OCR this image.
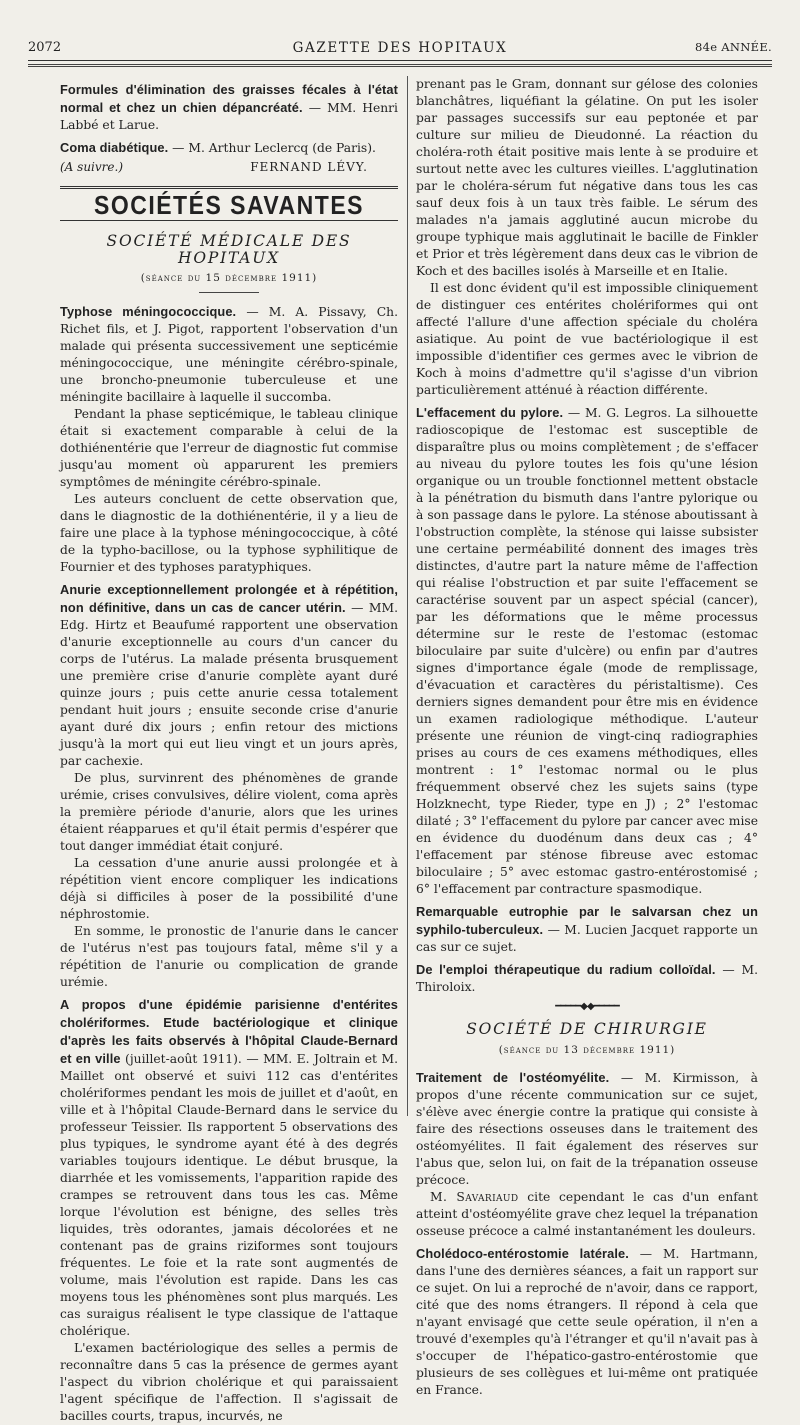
2072	GAZETTE DES HOPITAUX	84e ANNÉE.

Formules d'élimination des graisses fécales à l'état normal et chez un chien dépancréaté. — MM. Henri Labbé et Larue.

Coma diabétique. — M. Arthur Leclercq (de Paris).

(A suivre.)	FERNAND LÉVY.
SOCIÉTÉS SAVANTES
SOCIÉTÉ MÉDICALE DES HOPITAUX
(séance du 15 décembre 1911)

Typhose méningococcique. — M. A. Pissavy, Ch. Richet fils, et J. Pigot, rapportent l'observation d'un malade qui présenta successivement une septicémie méningococcique, une méningite cérébro-spinale, une broncho-pneumonie tuberculeuse et une méningite bacillaire à laquelle il succomba.

Pendant la phase septicémique, le tableau clinique était si exactement comparable à celui de la dothiénentérie que l'erreur de diagnostic fut commise jusqu'au moment où apparurent les premiers symptômes de méningite cérébro-spinale.

Les auteurs concluent de cette observation que, dans le diagnostic de la dothiénentérie, il y a lieu de faire une place à la typhose méningococcique, à côté de la typho-bacillose, ou la typhose syphilitique de Fournier et des typhoses paratyphiques.

Anurie exceptionnellement prolongée et à répétition, non définitive, dans un cas de cancer utérin. — MM. Edg. Hirtz et Beaufumé rapportent une observation d'anurie exceptionnelle au cours d'un cancer du corps de l'utérus. La malade présenta brusquement une première crise d'anurie complète ayant duré quinze jours ; puis cette anurie cessa totalement pendant huit jours ; ensuite seconde crise d'anurie ayant duré dix jours ; enfin retour des mictions jusqu'à la mort qui eut lieu vingt et un jours après, par cachexie.

De plus, survinrent des phénomènes de grande urémie, crises convulsives, délire violent, coma après la première période d'anurie, alors que les urines étaient réapparues et qu'il était permis d'espérer que tout danger immédiat était conjuré.

La cessation d'une anurie aussi prolongée et à répétition vient encore compliquer les indications déjà si difficiles à poser de la possibilité d'une néphrostomie.

En somme, le pronostic de l'anurie dans le cancer de l'utérus n'est pas toujours fatal, même s'il y a répétition de l'anurie ou complication de grande urémie.

A propos d'une épidémie parisienne d'entérites cholériformes. Etude bactériologique et clinique d'après les faits observés à l'hôpital Claude-Bernard et en ville (juillet-août 1911). — MM. E. Joltrain et M. Maillet ont observé et suivi 112 cas d'entérites cholériformes pendant les mois de juillet et d'août, en ville et à l'hôpital Claude-Bernard dans le service du professeur Teissier. Ils rapportent 5 observations des plus typiques, le syndrome ayant été à des degrés variables toujours identique. Le début brusque, la diarrhée et les vomissements, l'apparition rapide des crampes se retrouvent dans tous les cas. Même lorque l'évolution est bénigne, des selles très liquides, très odorantes, jamais décolorées et ne contenant pas de grains riziformes sont toujours fréquentes. Le foie et la rate sont augmentés de volume, mais l'évolution est rapide. Dans les cas moyens tous les phénomènes sont plus marqués. Les cas suraigus réalisent le type classique de l'attaque cholérique.

L'examen bactériologique des selles a permis de reconnaître dans 5 cas la présence de germes ayant l'aspect du vibrion cholérique et qui paraissaient l'agent spécifique de l'affection. Il s'agissait de bacilles courts, trapus, incurvés, ne

prenant pas le Gram, donnant sur gélose des colonies blanchâtres, liquéfiant la gélatine. On put les isoler par passages successifs sur eau peptonée et par culture sur milieu de Dieudonné. La réaction du choléra-roth était positive mais lente à se produire et surtout nette avec les cultures vieilles. L'agglutination par le choléra-sérum fut négative dans tous les cas sauf deux fois à un taux très faible. Le sérum des malades n'a jamais agglutiné aucun microbe du groupe typhique mais agglutinait le bacille de Finkler et Prior et très légèrement dans deux cas le vibrion de Koch et des bacilles isolés à Marseille et en Italie.

Il est donc évident qu'il est impossible cliniquement de distinguer ces entérites cholériformes qui ont affecté l'allure d'une affection spéciale du choléra asiatique. Au point de vue bactériologique il est impossible d'identifier ces germes avec le vibrion de Koch à moins d'admettre qu'il s'agisse d'un vibrion particulièrement atténué à réaction différente.

L'effacement du pylore. — M. G. Legros. La silhouette radioscopique de l'estomac est susceptible de disparaître plus ou moins complètement ; de s'effacer au niveau du pylore toutes les fois qu'une lésion organique ou un trouble fonctionnel mettent obstacle à la pénétration du bismuth dans l'antre pylorique ou à son passage dans le pylore. La sténose aboutissant à l'obstruction complète, la sténose qui laisse subsister une certaine perméabilité donnent des images très distinctes, d'autre part la nature même de l'affection qui réalise l'obstruction et par suite l'effacement se caractérise souvent par un aspect spécial (cancer), par les déformations que le même processus détermine sur le reste de l'estomac (estomac biloculaire par suite d'ulcère) ou enfin par d'autres signes d'importance égale (mode de remplissage, d'évacuation et caractères du péristaltisme). Ces derniers signes demandent pour être mis en évidence un examen radiologique méthodique. L'auteur présente une réunion de vingt-cinq radiographies prises au cours de ces examens méthodiques, elles montrent : 1° l'estomac normal ou le plus fréquemment observé chez les sujets sains (type Holzknecht, type Rieder, type en J) ; 2° l'estomac dilaté ; 3° l'effacement du pylore par cancer avec mise en évidence du duodénum dans deux cas ; 4° l'effacement par sténose fibreuse avec estomac biloculaire ; 5° avec estomac gastro-entérostomisé ; 6° l'effacement par contracture spasmodique.

Remarquable eutrophie par le salvarsan chez un syphilo-tuberculeux. — M. Lucien Jacquet rapporte un cas sur ce sujet.

De l'emploi thérapeutique du radium colloïdal. — M. Thiroloix.

━━━━━◆◆━━━━━
SOCIÉTÉ DE CHIRURGIE
(séance du 13 décembre 1911)

Traitement de l'ostéomyélite. — M. Kirmisson, à propos d'une récente communication sur ce sujet, s'élève avec énergie contre la pratique qui consiste à faire des résections osseuses dans le traitement des ostéomyélites. Il fait également des réserves sur l'abus que, selon lui, on fait de la trépanation osseuse précoce.

M. Savariaud cite cependant le cas d'un enfant atteint d'ostéomyélite grave chez lequel la trépanation osseuse précoce a calmé instantanément les douleurs.

Cholédoco-entérostomie latérale. — M. Hartmann, dans l'une des dernières séances, a fait un rapport sur ce sujet. On lui a reproché de n'avoir, dans ce rapport, cité que des noms étrangers. Il répond à cela que n'ayant envisagé que cette seule opération, il n'en a trouvé d'exemples qu'à l'étranger et qu'il n'avait pas à s'occuper de l'hépatico-gastro-entérostomie que plusieurs de ses collègues et lui-même ont pratiquée en France.
